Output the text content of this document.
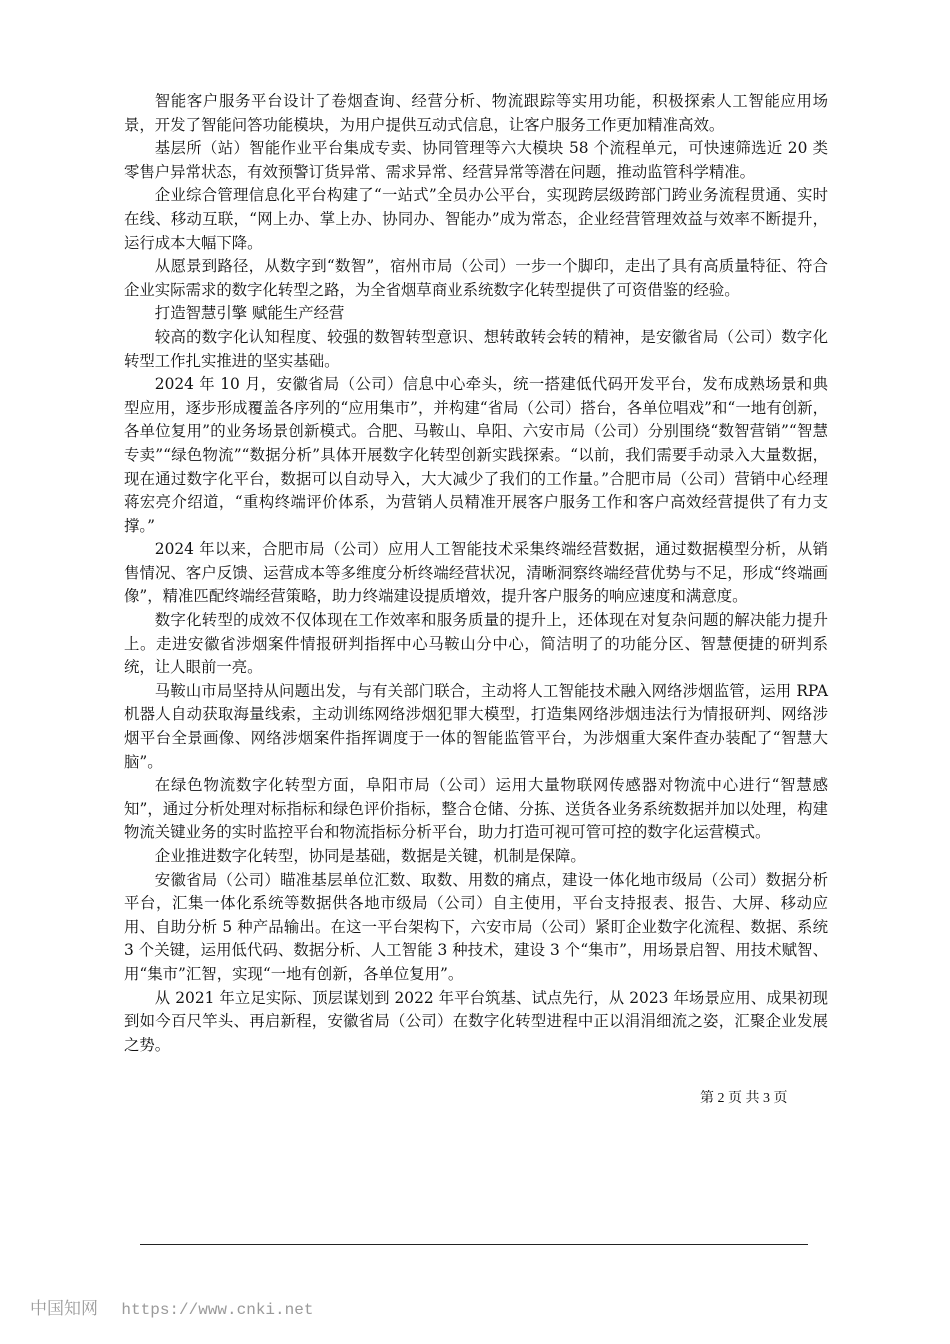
智能客户服务平台设计了卷烟查询、经营分析、物流跟踪等实用功能，积极探索人工智能应用场景，开发了智能问答功能模块，为用户提供互动式信息，让客户服务工作更加精准高效。

基层所（站）智能作业平台集成专卖、协同管理等六大模块 58 个流程单元，可快速筛选近 20 类零售户异常状态，有效预警订货异常、需求异常、经营异常等潜在问题，推动监管科学精准。

企业综合管理信息化平台构建了“一站式”全员办公平台，实现跨层级跨部门跨业务流程贯通、实时在线、移动互联，“网上办、掌上办、协同办、智能办”成为常态，企业经营管理效益与效率不断提升，运行成本大幅下降。

从愿景到路径，从数字到“数智”，宿州市局（公司）一步一个脚印，走出了具有高质量特征、符合企业实际需求的数字化转型之路，为全省烟草商业系统数字化转型提供了可资借鉴的经验。

打造智慧引擎 赋能生产经营

较高的数字化认知程度、较强的数智转型意识、想转敢转会转的精神，是安徽省局（公司）数字化转型工作扎实推进的坚实基础。

2024 年 10 月，安徽省局（公司）信息中心牵头，统一搭建低代码开发平台，发布成熟场景和典型应用，逐步形成覆盖各序列的“应用集市”，并构建“省局（公司）搭台，各单位唱戏”和“一地有创新，各单位复用”的业务场景创新模式。合肥、马鞍山、阜阳、六安市局（公司）分别围绕“数智营销”“智慧专卖”“绿色物流”“数据分析”具体开展数字化转型创新实践探索。“以前，我们需要手动录入大量数据，现在通过数字化平台，数据可以自动导入，大大减少了我们的工作量。”合肥市局（公司）营销中心经理蒋宏亮介绍道，“重构终端评价体系，为营销人员精准开展客户服务工作和客户高效经营提供了有力支撑。”

2024 年以来，合肥市局（公司）应用人工智能技术采集终端经营数据，通过数据模型分析，从销售情况、客户反馈、运营成本等多维度分析终端经营状况，清晰洞察终端经营优势与不足，形成“终端画像”，精准匹配终端经营策略，助力终端建设提质增效，提升客户服务的响应速度和满意度。

数字化转型的成效不仅体现在工作效率和服务质量的提升上，还体现在对复杂问题的解决能力提升上。走进安徽省涉烟案件情报研判指挥中心马鞍山分中心，简洁明了的功能分区、智慧便捷的研判系统，让人眼前一亮。

马鞍山市局坚持从问题出发，与有关部门联合，主动将人工智能技术融入网络涉烟监管，运用 RPA 机器人自动获取海量线索，主动训练网络涉烟犯罪大模型，打造集网络涉烟违法行为情报研判、网络涉烟平台全景画像、网络涉烟案件指挥调度于一体的智能监管平台，为涉烟重大案件查办装配了“智慧大脑”。

在绿色物流数字化转型方面，阜阳市局（公司）运用大量物联网传感器对物流中心进行“智慧感知”，通过分析处理对标指标和绿色评价指标，整合仓储、分拣、送货各业务系统数据并加以处理，构建物流关键业务的实时监控平台和物流指标分析平台，助力打造可视可管可控的数字化运营模式。

企业推进数字化转型，协同是基础，数据是关键，机制是保障。

安徽省局（公司）瞄准基层单位汇数、取数、用数的痛点，建设一体化地市级局（公司）数据分析平台，汇集一体化系统等数据供各地市级局（公司）自主使用，平台支持报表、报告、大屏、移动应用、自助分析 5 种产品输出。在这一平台架构下，六安市局（公司）紧盯企业数字化流程、数据、系统 3 个关键，运用低代码、数据分析、人工智能 3 种技术，建设 3 个“集市”，用场景启智、用技术赋智、用“集市”汇智，实现“一地有创新，各单位复用”。

从 2021 年立足实际、顶层谋划到 2022 年平台筑基、试点先行，从 2023 年场景应用、成果初现到如今百尺竿头、再启新程，安徽省局（公司）在数字化转型进程中正以涓涓细流之姿，汇聚企业发展之势。

第 2 页 共 3 页
中国知网 https://www.cnki.net
